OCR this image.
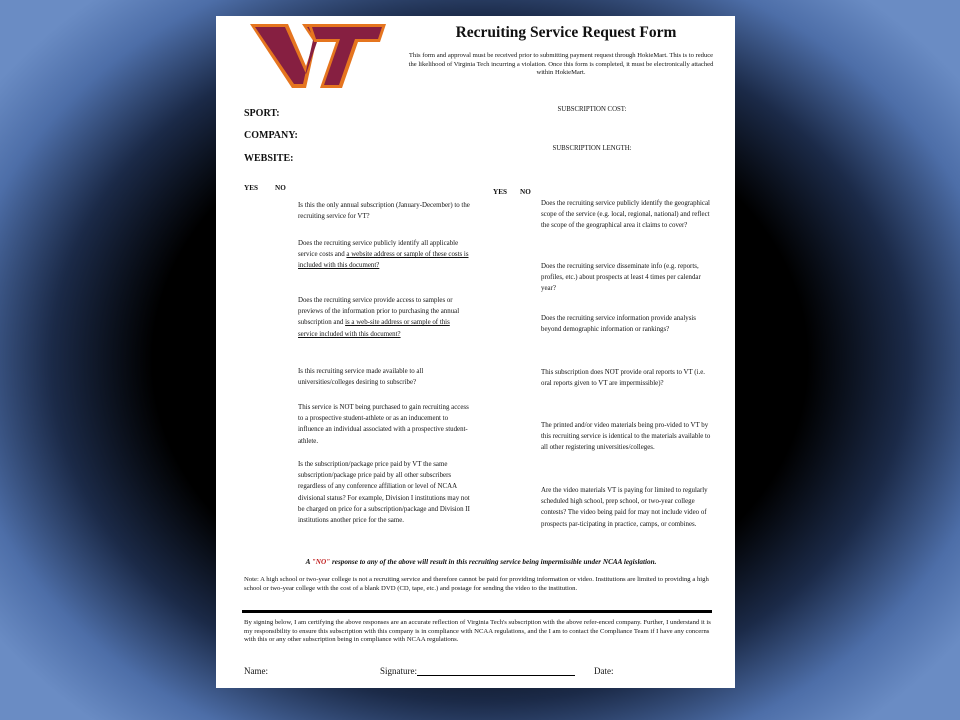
Recruiting Service Request Form
This form and approval must be received prior to submitting payment request through HokieMart. This is to reduce the likelihood of Virginia Tech incurring a violation. Once this form is completed, it must be electronically attached within HokieMart.
SPORT:
COMPANY:
WEBSITE:
SUBSCRIPTION COST:
SUBSCRIPTION LENGTH:
YES NO	YES NO
Is this the only annual subscription (January-December) to the recruiting service for VT?
Does the recruiting service publicly identify all applicable service costs and a website address or sample of these costs is included with this document?
Does the recruiting service provide access to samples or previews of the information prior to purchasing the annual subscription and is a web-site address or sample of this service included with this document?
Is this recruiting service made available to all universities/colleges desiring to subscribe?
This service is NOT being purchased to gain recruiting access to a prospective student-athlete or as an inducement to influence an individual associated with a prospective student-athlete.
Is the subscription/package price paid by VT the same subscription/package price paid by all other subscribers regardless of any conference affiliation or level of NCAA divisional status? For example, Division I institutions may not be charged on price for a subscription/package and Division II institutions another price for the same.
Does the recruiting service publicly identify the geographical scope of the service (e.g. local, regional, national) and reflect the scope of the geographical area it claims to cover?
Does the recruiting service disseminate info (e.g. reports, profiles, etc.) about prospects at least 4 times per calendar year?
Does the recruiting service information provide analysis beyond demographic information or rankings?
This subscription does NOT provide oral reports to VT (i.e. oral reports given to VT are impermissible)?
The printed and/or video materials being pro-vided to VT by this recruiting service is identical to the materials available to all other registering universities/colleges.
Are the video materials VT is paying for limited to regularly scheduled high school, prep school, or two-year college contests? The video being paid for may not include video of prospects par-ticipating in practice, camps, or combines.
A "NO" response to any of the above will result in this recruiting service being impermissible under NCAA legislation.
Note: A high school or two-year college is not a recruiting service and therefore cannot be paid for providing information or video. Institutions are limited to providing a high school or two-year college with the cost of a blank DVD (CD, tape, etc.) and postage for sending the video to the institution.
By signing below, I am certifying the above responses are an accurate reflection of Virginia Tech's subscription with the above refer-enced company. Further, I understand it is my responsibility to ensure this subscription with this company is in compliance with NCAA regulations, and the I am to contact the Compliance Team if I have any concerns with this or any other subscription being in compliance with NCAA regulations.
Name:	Signature:	Date:
